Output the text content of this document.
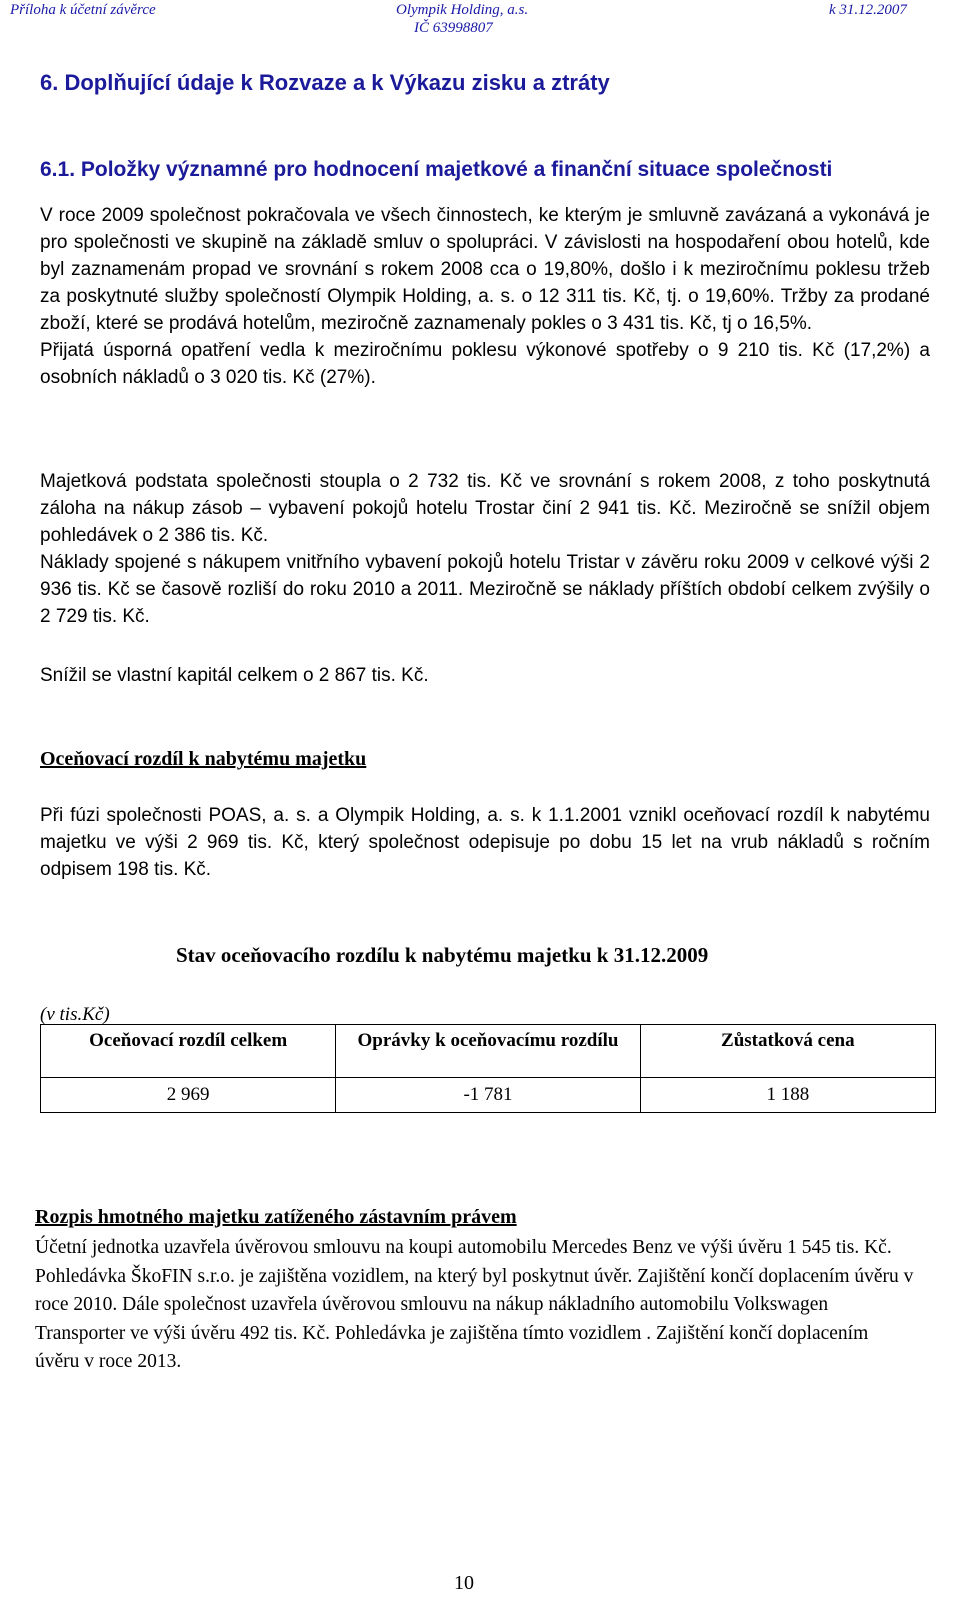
Příloha k účetní závěrce	Olympik Holding, a.s.
IČ 63998807
k 31.12.2007
6. Doplňující údaje k Rozvaze a k Výkazu zisku a ztráty
6.1. Položky významné pro hodnocení majetkové a finanční situace společnosti

V roce 2009 společnost pokračovala ve všech činnostech, ke kterým je smluvně zavázaná a vykonává je pro společnosti ve skupině na základě smluv o spolupráci. V závislosti na hospodaření obou hotelů, kde byl zaznamenám propad ve srovnání s rokem 2008 cca o 19,80%, došlo i k meziročnímu poklesu tržeb za poskytnuté služby společností Olympik Holding, a. s. o 12 311 tis. Kč, tj. o 19,60%. Tržby za prodané zboží, které se prodává hotelům, meziročně zaznamenaly pokles o 3 431 tis. Kč, tj o 16,5%.
Přijatá úsporná opatření vedla k meziročnímu poklesu výkonové spotřeby o 9 210 tis. Kč (17,2%) a osobních nákladů o 3 020 tis. Kč (27%).

Majetková podstata společnosti stoupla o 2 732 tis. Kč ve srovnání s rokem 2008, z toho poskytnutá záloha na nákup zásob – vybavení pokojů hotelu Trostar činí 2 941 tis. Kč. Meziročně se snížil objem pohledávek o 2 386 tis. Kč.
Náklady spojené s nákupem vnitřního vybavení pokojů hotelu Tristar v závěru roku 2009 v celkové výši 2 936 tis. Kč se časově rozliší do roku 2010 a 2011. Meziročně se náklady příštích období celkem zvýšily o 2 729 tis. Kč.

Snížil se vlastní kapitál celkem o 2 867 tis. Kč.

Oceňovací rozdíl k nabytému majetku

Při fúzi společnosti POAS, a. s. a Olympik Holding, a. s. k 1.1.2001 vznikl oceňovací rozdíl k nabytému majetku ve výši 2 969 tis. Kč, který společnost odepisuje po dobu 15 let na vrub nákladů s ročním odpisem 198 tis. Kč.

Stav oceňovacího rozdílu k nabytému majetku k 31.12.2009
(v tis.Kč)
Oceňovací rozdíl celkem	Oprávky k oceňovacímu rozdílu	Zůstatková cena
2 969	-1 781	1 188
Rozpis hmotného majetku zatíženého zástavním právem

Účetní jednotka uzavřela úvěrovou smlouvu na koupi automobilu Mercedes Benz ve výši úvěru 1 545 tis. Kč. Pohledávka ŠkoFIN s.r.o. je zajištěna vozidlem, na který byl poskytnut úvěr. Zajištění končí doplacením úvěru v roce 2010. Dále společnost uzavřela úvěrovou smlouvu na nákup nákladního automobilu Volkswagen Transporter ve výši úvěru 492 tis. Kč. Pohledávka je zajištěna tímto vozidlem . Zajištění končí doplacením úvěru v roce 2013.

10
